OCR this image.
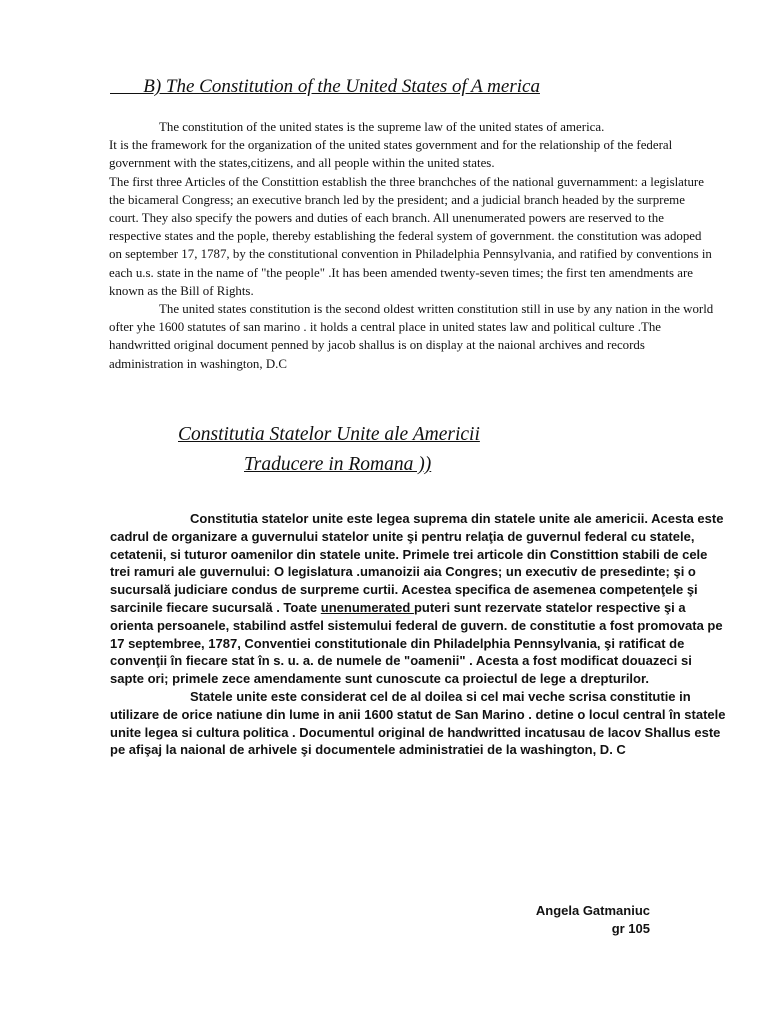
B) The Constitution of the United States of A merica

The constitution of the united states is the supreme law of the united states of america.

It is the framework for the organization of the united states government and for the relationship of the federal government with the states,citizens, and all people within the united states.

The first three Articles of the Constittion establish the three branchches of the national guvernamment: a legislature the bicameral Congress; an executive branch led by the president; and a judicial branch headed by the surpreme court. They also specify the powers and duties of each branch. All unenumerated powers are reserved to the respective states and the pople, thereby establishing the federal system of government. the constitution was adoped on september 17, 1787, by the constitutional convention in Philadelphia Pennsylvania, and ratified by conventions in each u.s. state in the name of "the people" .It has been amended twenty-seven times; the first ten amendments are known as the Bill of Rights.

The united states constitution is the second oldest written constitution still in use by any nation in the world ofter yhe 1600 statutes of san marino . it holds a central place in united states law and political culture .The handwritted original document penned by jacob shallus is on display at the naional archives and records administration in washington, D.C

Constitutia Statelor Unite ale Americii
Traducere in Romana ))

Constitutia statelor unite este legea suprema din statele unite ale americii. Acesta este cadrul de organizare a guvernului statelor unite şi pentru relaţia de guvernul federal cu statele, cetatenii, si tuturor oamenilor din statele unite. Primele trei articole din Constittion stabili de cele trei ramuri ale guvernului: O legislatura .umanoizii aia Congres; un executiv de presedinte; şi o sucursală judiciare condus de surpreme curtii. Acestea specifica de asemenea competenţele şi sarcinile fiecare sucursală . Toate unenumerated puteri sunt rezervate statelor respective şi a orienta persoanele, stabilind astfel sistemului federal de guvern. de constitutie a fost promovata pe 17 septembree, 1787, Conventiei constitutionale din Philadelphia Pennsylvania, şi ratificat de convenţii în fiecare stat în s. u. a. de numele de "oamenii" . Acesta a fost modificat douazeci si sapte ori; primele zece amendamente sunt cunoscute ca proiectul de lege a drepturilor.

Statele unite este considerat cel de al doilea si cel mai veche scrisa constitutie in utilizare de orice natiune din lume in anii 1600 statut de San Marino . detine o locul central în statele unite legea si cultura politica . Documentul original de handwritted incatusau de lacov Shallus este pe afişaj la naional de arhivele şi documentele administratiei de la washington, D. C

Angela Gatmaniuc
gr 105
